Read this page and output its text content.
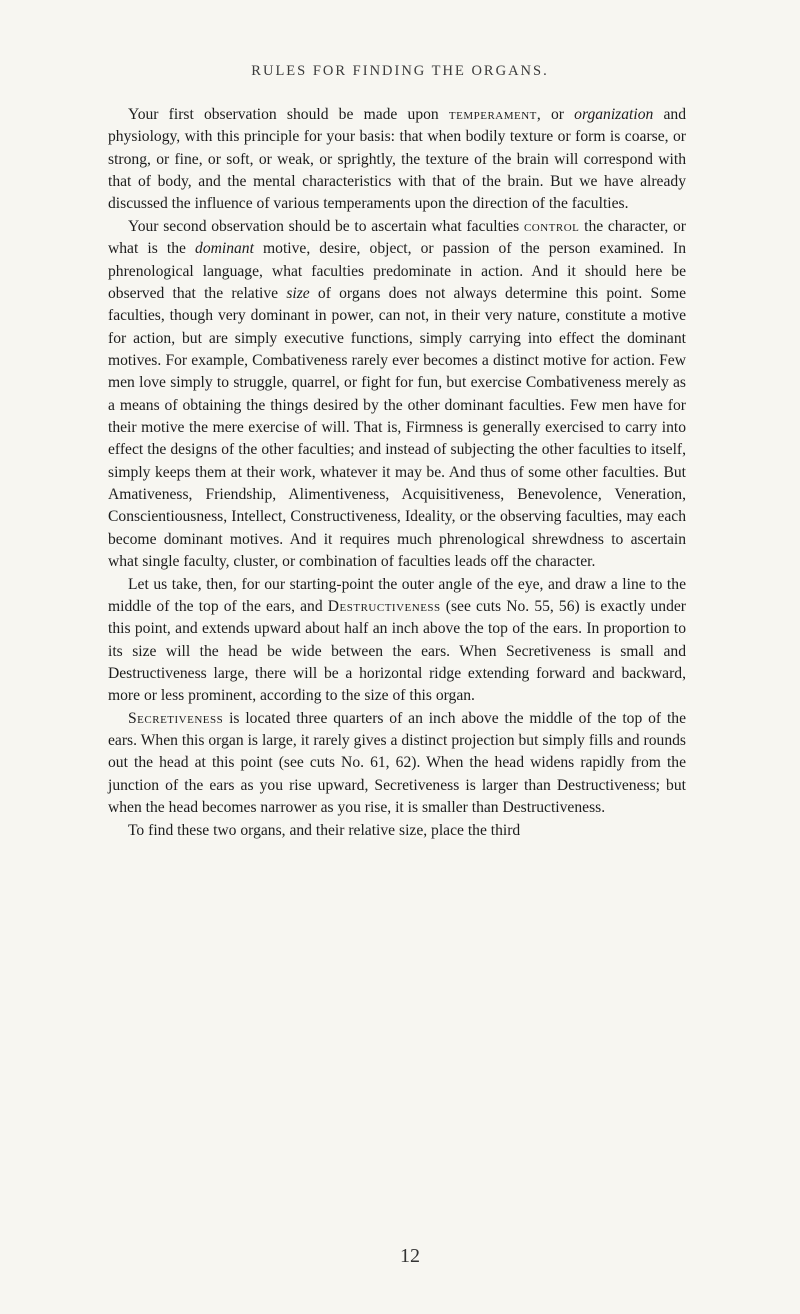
RULES FOR FINDING THE ORGANS.

Your first observation should be made upon temperament, or organization and physiology, with this principle for your basis: that when bodily texture or form is coarse, or strong, or fine, or soft, or weak, or sprightly, the texture of the brain will correspond with that of body, and the mental characteristics with that of the brain. But we have already discussed the influence of various temperaments upon the direction of the faculties.

Your second observation should be to ascertain what faculties control the character, or what is the dominant motive, desire, object, or passion of the person examined. In phrenological language, what faculties predominate in action. And it should here be observed that the relative size of organs does not always determine this point. Some faculties, though very dominant in power, can not, in their very nature, constitute a motive for action, but are simply executive functions, simply carrying into effect the dominant motives. For example, Combativeness rarely ever becomes a distinct motive for action. Few men love simply to struggle, quarrel, or fight for fun, but exercise Combativeness merely as a means of obtaining the things desired by the other dominant faculties. Few men have for their motive the mere exercise of will. That is, Firmness is generally exercised to carry into effect the designs of the other faculties; and instead of subjecting the other faculties to itself, simply keeps them at their work, whatever it may be. And thus of some other faculties. But Amativeness, Friendship, Alimentiveness, Acquisitiveness, Benevolence, Veneration, Conscientiousness, Intellect, Constructiveness, Ideality, or the observing faculties, may each become dominant motives. And it requires much phrenological shrewdness to ascertain what single faculty, cluster, or combination of faculties leads off the character.

Let us take, then, for our starting-point the outer angle of the eye, and draw a line to the middle of the top of the ears, and Destructiveness (see cuts No. 55, 56) is exactly under this point, and extends upward about half an inch above the top of the ears. In proportion to its size will the head be wide between the ears. When Secretiveness is small and Destructiveness large, there will be a horizontal ridge extending forward and backward, more or less prominent, according to the size of this organ.

Secretiveness is located three quarters of an inch above the middle of the top of the ears. When this organ is large, it rarely gives a distinct projection but simply fills and rounds out the head at this point (see cuts No. 61, 62). When the head widens rapidly from the junction of the ears as you rise upward, Secretiveness is larger than Destructiveness; but when the head becomes narrower as you rise, it is smaller than Destructiveness.

To find these two organs, and their relative size, place the third

12
